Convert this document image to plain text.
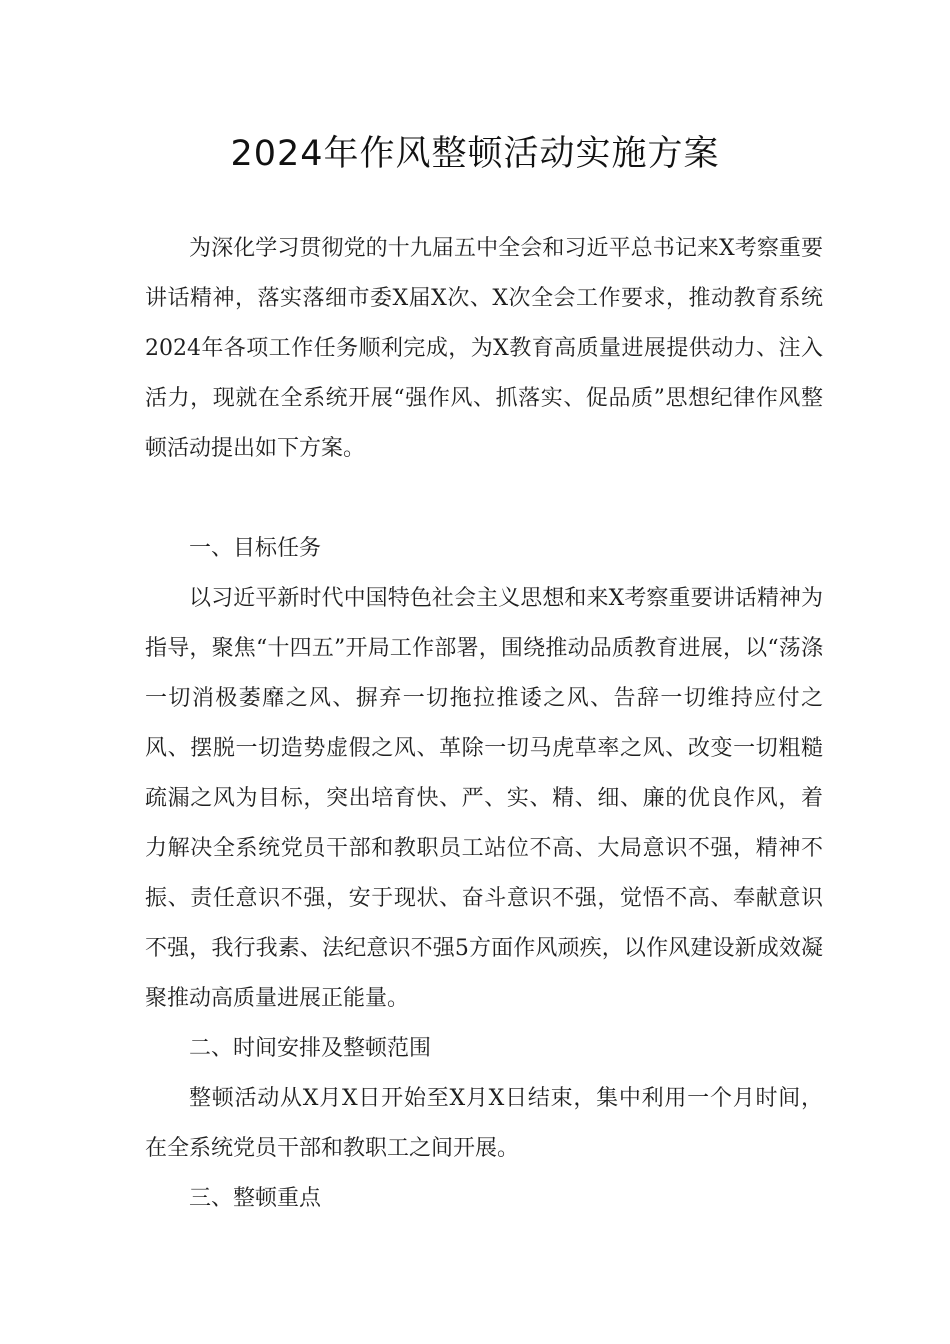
2024年作风整顿活动实施方案

为深化学习贯彻党的十九届五中全会和习近平总书记来X考察重要讲话精神，落实落细市委X届X次、X次全会工作要求，推动教育系统2024年各项工作任务顺利完成，为X教育高质量进展提供动力、注入活力，现就在全系统开展“强作风、抓落实、促品质”思想纪律作风整顿活动提出如下方案。

一、目标任务

以习近平新时代中国特色社会主义思想和来X考察重要讲话精神为指导，聚焦“十四五”开局工作部署，围绕推动品质教育进展，以“荡涤一切消极萎靡之风、摒弃一切拖拉推诿之风、告辞一切维持应付之风、摆脱一切造势虚假之风、革除一切马虎草率之风、改变一切粗糙疏漏之风为目标，突出培育快、严、实、精、细、廉的优良作风，着力解决全系统党员干部和教职员工站位不高、大局意识不强，精神不振、责任意识不强，安于现状、奋斗意识不强，觉悟不高、奉献意识不强，我行我素、法纪意识不强5方面作风顽疾，以作风建设新成效凝聚推动高质量进展正能量。

二、时间安排及整顿范围

整顿活动从X月X日开始至X月X日结束，集中利用一个月时间，在全系统党员干部和教职工之间开展。

三、整顿重点
